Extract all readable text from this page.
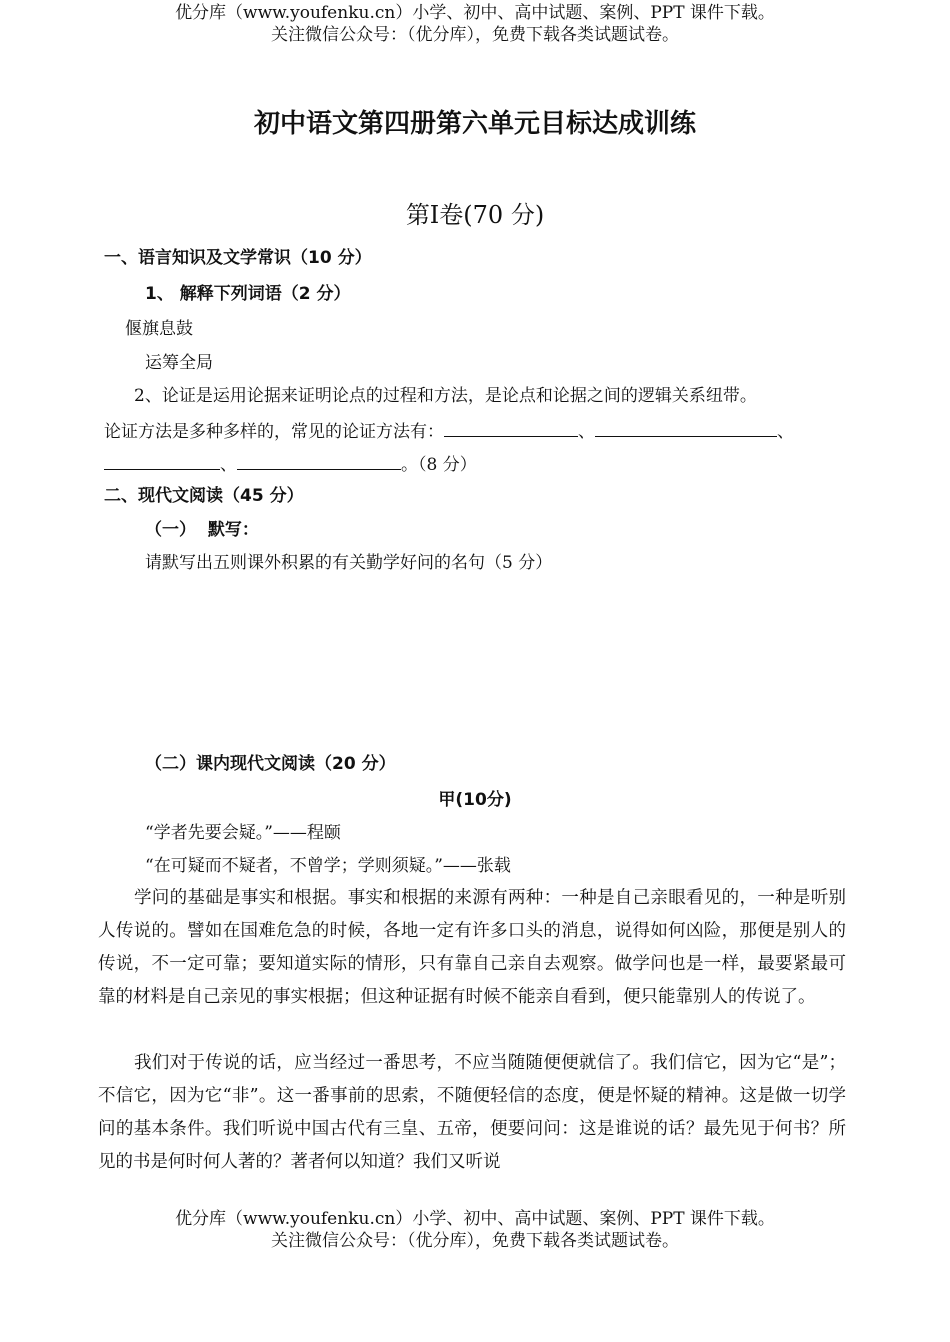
优分库（www.youfenku.cn）小学、初中、高中试题、案例、PPT 课件下载。
关注微信公众号：（优分库），免费下载各类试题试卷。
初中语文第四册第六单元目标达成训练
第Ⅰ卷(70 分)
一、语言知识及文学常识（10 分）
1、 解释下列词语（2 分）
偃旗息鼓
运筹全局
2、论证是运用论据来证明论点的过程和方法，是论点和论据之间的逻辑关系纽带。
论证方法是多种多样的，常见的论证方法有：	、	、
、	。（8 分）
二、现代文阅读（45 分）
（一）  默写：
请默写出五则课外积累的有关勤学好问的名句（5 分）
（二）课内现代文阅读（20 分）
甲(10分)
“学者先要会疑。”——程颐
“在可疑而不疑者，不曾学；学则须疑。”——张载
学问的基础是事实和根据。事实和根据的来源有两种：一种是自己亲眼看见的，一种是听别人传说的。譬如在国难危急的时候，各地一定有许多口头的消息，说得如何凶险，那便是别人的传说，不一定可靠；要知道实际的情形，只有靠自己亲自去观察。做学问也是一样，最要紧最可靠的材料是自己亲见的事实根据；但这种证据有时候不能亲自看到，便只能靠别人的传说了。
我们对于传说的话，应当经过一番思考，不应当随随便便就信了。我们信它，因为它“是”；不信它，因为它“非”。这一番事前的思索，不随便轻信的态度，便是怀疑的精神。这是做一切学问的基本条件。我们听说中国古代有三皇、五帝，便要问问：这是谁说的话？最先见于何书？所见的书是何时何人著的？著者何以知道？我们又听说
优分库（www.youfenku.cn）小学、初中、高中试题、案例、PPT 课件下载。
关注微信公众号：（优分库），免费下载各类试题试卷。
